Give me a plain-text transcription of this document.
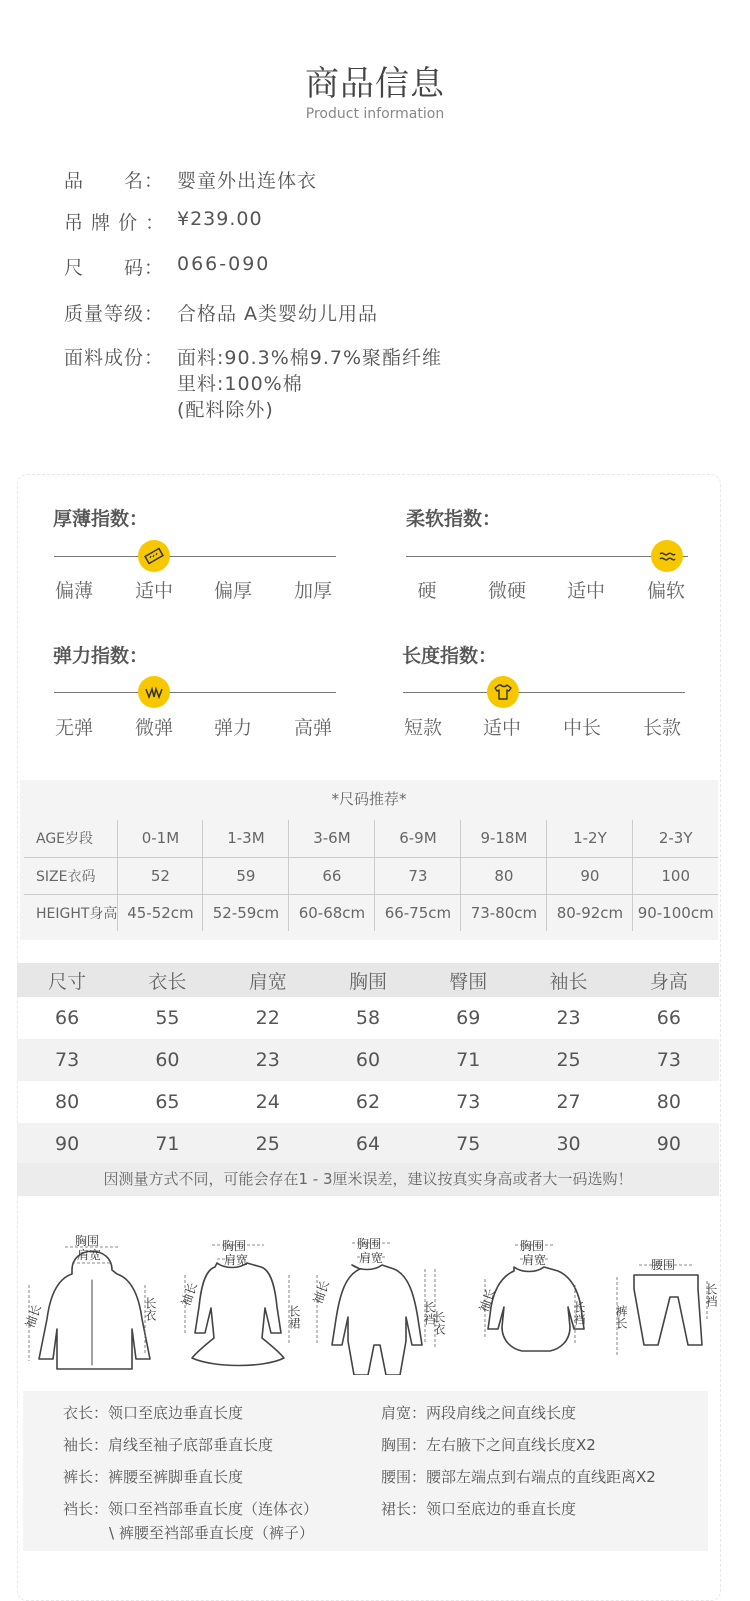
商品信息
Product information
品　　名： 婴童外出连体衣
吊 牌 价 ： ¥239.00
尺　　码： 066-090
质量等级： 合格品 A类婴幼儿用品
面料成份： 面料:90.3%棉9.7%聚酯纤维
里料:100%棉
(配料除外)
厚薄指数：
偏薄	适中	偏厚	加厚
柔软指数：
硬	微硬	适中	偏软
弹力指数：
无弹	微弹	弹力	高弹
长度指数：
短款	适中	中长	长款
*尺码推荐*
AGE岁段	0-1M	1-3M	3-6M	6-9M	9-18M	1-2Y	2-3Y
SIZE衣码	52	59	66	73	80	90	100
HEIGHT身高	45-52cm	52-59cm	60-68cm	66-75cm	73-80cm	80-92cm	90-100cm
尺寸	衣长	肩宽	胸围	臀围	袖长	身高
66	55	22	58	69	23	66
73	60	23	60	71	25	73
80	65	24	62	73	27	80
90	71	25	64	75	30	90
因测量方式不同，可能会存在1 - 3厘米误差，建议按真实身高或者大一码选购！
胸围
肩宽
袖长	长衣
胸围
肩宽
袖长
长裙
胸围
肩宽
袖长
长裆
长衣
胸围
肩宽
袖长	长裆
腰围
裤长
长裆
衣长：领口至底边垂直长度	肩宽：两段肩线之间直线长度
袖长：肩线至袖子底部垂直长度	胸围：左右腋下之间直线长度X2
裤长：裤腰至裤脚垂直长度	腰围：腰部左端点到右端点的直线距离X2
裆长：领口至裆部垂直长度（连体衣）	裙长：领口至底边的垂直长度
\ 裤腰至裆部垂直长度（裤子）
